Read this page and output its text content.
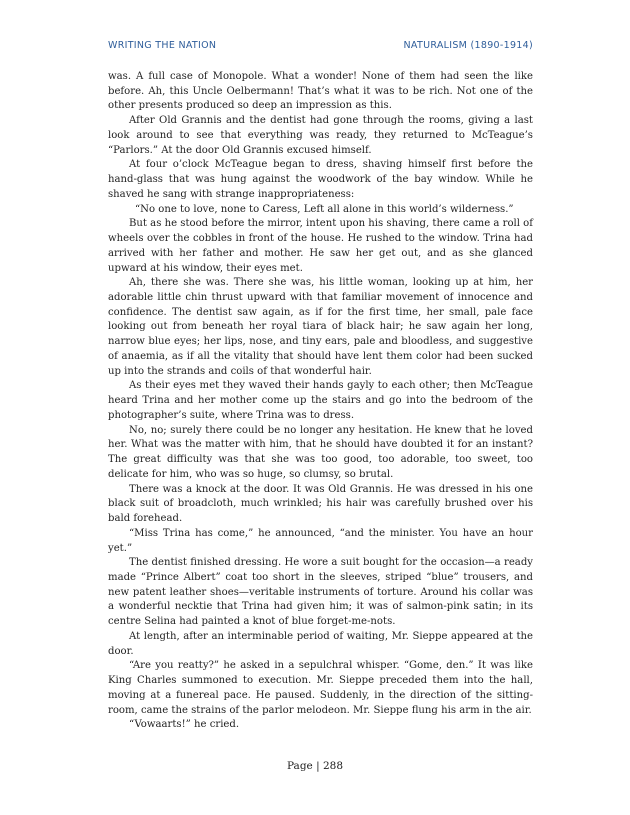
WRITING THE NATION	NATURALISM (1890-1914)

was. A full case of Monopole. What a wonder! None of them had seen the like before. Ah, this Uncle Oelbermann! That’s what it was to be rich. Not one of the other presents produced so deep an impression as this.

After Old Grannis and the dentist had gone through the rooms, giving a last look around to see that everything was ready, they returned to McTeague’s “Parlors.” At the door Old Grannis excused himself.

At four o’clock McTeague began to dress, shaving himself first before the hand-glass that was hung against the woodwork of the bay window. While he shaved he sang with strange inappropriateness:

“No one to love, none to Caress, Left all alone in this world’s wilderness.”

But as he stood before the mirror, intent upon his shaving, there came a roll of wheels over the cobbles in front of the house. He rushed to the window. Trina had arrived with her father and mother. He saw her get out, and as she glanced upward at his window, their eyes met.

Ah, there she was. There she was, his little woman, looking up at him, her adorable little chin thrust upward with that familiar movement of innocence and confidence. The dentist saw again, as if for the first time, her small, pale face looking out from beneath her royal tiara of black hair; he saw again her long, narrow blue eyes; her lips, nose, and tiny ears, pale and bloodless, and suggestive of anaemia, as if all the vitality that should have lent them color had been sucked up into the strands and coils of that wonderful hair.

As their eyes met they waved their hands gayly to each other; then McTeague heard Trina and her mother come up the stairs and go into the bedroom of the photographer’s suite, where Trina was to dress.

No, no; surely there could be no longer any hesitation. He knew that he loved her. What was the matter with him, that he should have doubted it for an instant? The great difficulty was that she was too good, too adorable, too sweet, too delicate for him, who was so huge, so clumsy, so brutal.

There was a knock at the door. It was Old Grannis. He was dressed in his one black suit of broadcloth, much wrinkled; his hair was carefully brushed over his bald forehead.

“Miss Trina has come,” he announced, “and the minister. You have an hour yet.”

The dentist finished dressing. He wore a suit bought for the occasion—a ready made “Prince Albert” coat too short in the sleeves, striped “blue” trousers, and new patent leather shoes—veritable instruments of torture. Around his collar was a wonderful necktie that Trina had given him; it was of salmon-pink satin; in its centre Selina had painted a knot of blue forget-me-nots.

At length, after an interminable period of waiting, Mr. Sieppe appeared at the door.

“Are you reatty?” he asked in a sepulchral whisper. “Gome, den.” It was like King Charles summoned to execution. Mr. Sieppe preceded them into the hall, moving at a funereal pace. He paused. Suddenly, in the direction of the sitting-room, came the strains of the parlor melodeon. Mr. Sieppe flung his arm in the air.

“Vowaarts!” he cried.

Page | 288
